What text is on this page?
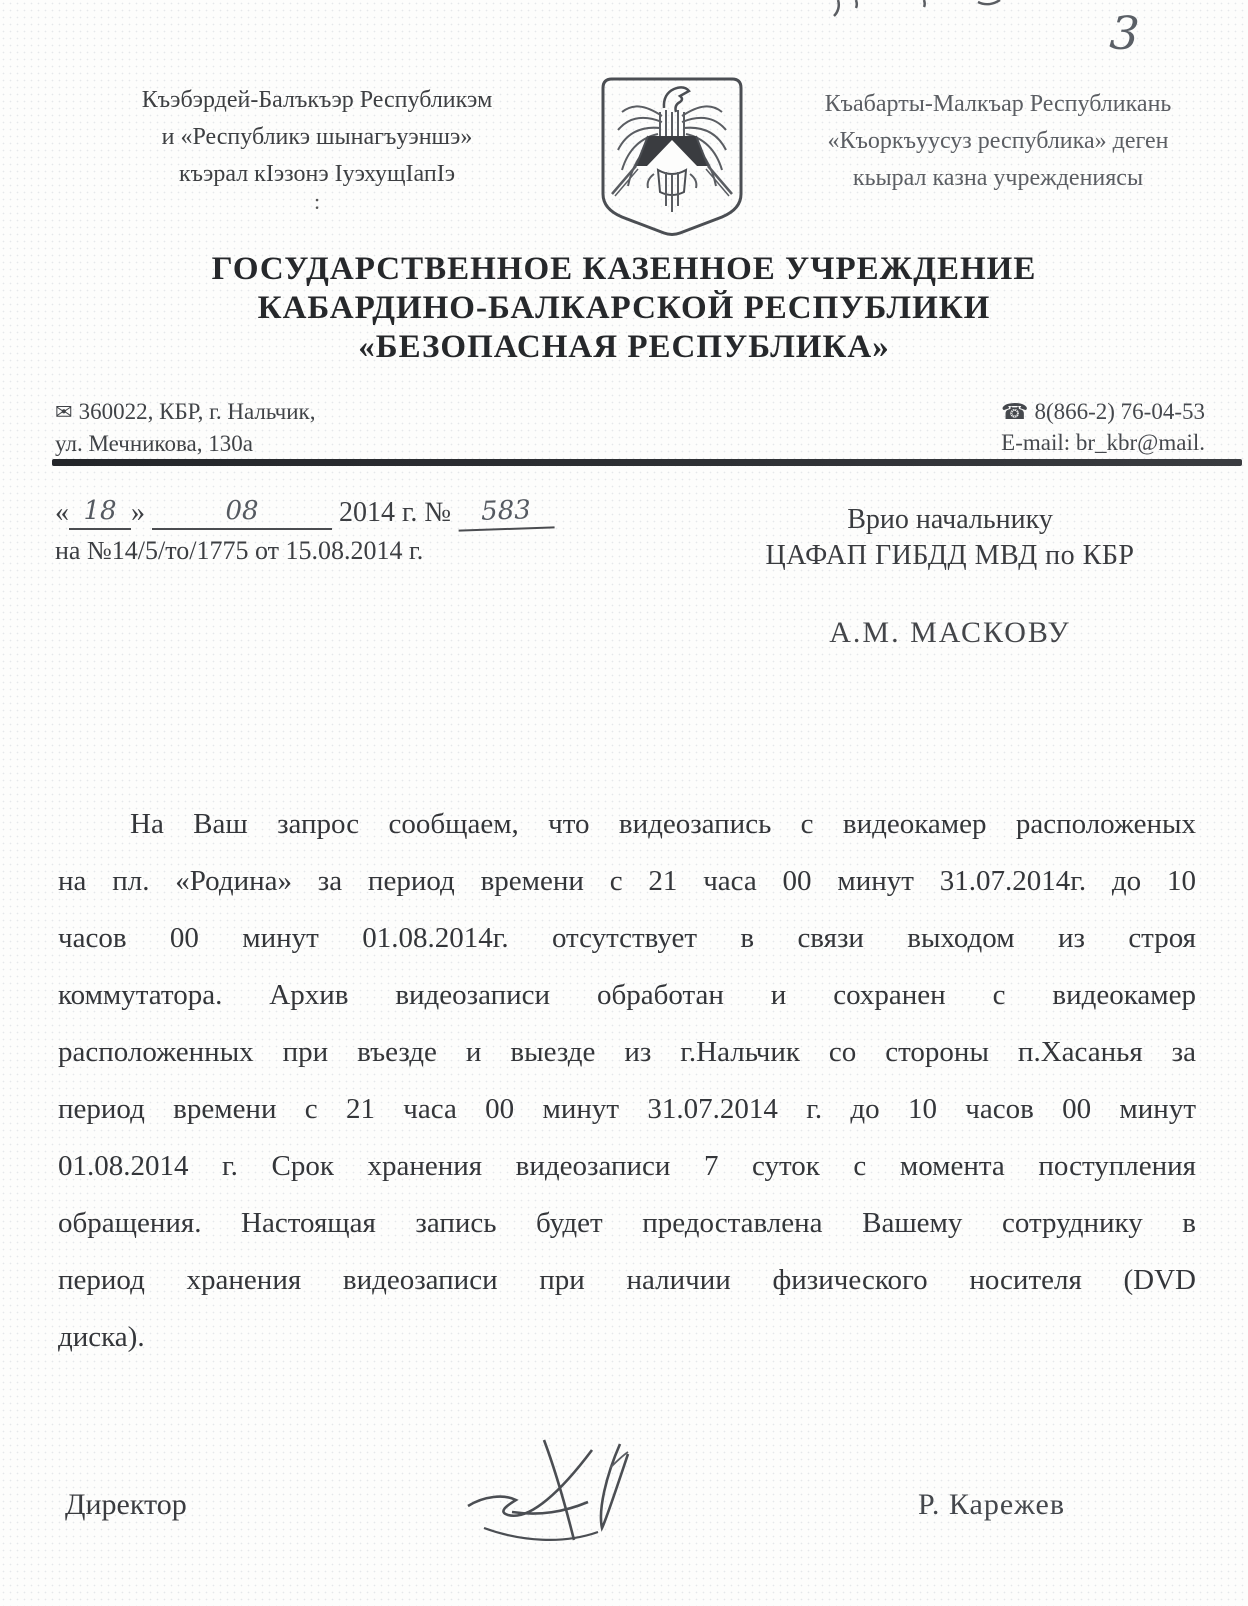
3
Къэбэрдей-Балъкъэр Республикэм
и «Республикэ шынагъуэншэ»
къэрал кIэзонэ IуэхущIапIэ
:
Къабарты-Малкъар Республикань
«Къоркъуусуз республика» деген
кьырал казна учреждениясы
ГОСУДАРСТВЕННОЕ КАЗЕННОЕ УЧРЕЖДЕНИЕ
КАБАРДИНО-БАЛКАРСКОЙ РЕСПУБЛИКИ
«БЕЗОПАСНАЯ РЕСПУБЛИКА»
✉ 360022, КБР, г. Нальчик,
ул. Мечникова, 130а
☎ 8(866-2) 76-04-53
E-mail: br_kbr@mail.
« 18 »	08	2014 г. № 583
на №14/5/то/1775 от 15.08.2014 г.
Врио начальнику
ЦАФАП ГИБДД МВД по КБР
А.М. МАСКОВУ
На Ваш запрос сообщаем, что видеозапись с видеокамер расположеных
на пл. «Родина» за период времени с 21 часа 00 минут 31.07.2014г. до 10
часов 00 минут 01.08.2014г. отсутствует в связи выходом из строя
коммутатора. Архив видеозаписи обработан и сохранен с видеокамер
расположенных при въезде и выезде из г.Нальчик со стороны п.Хасанья за
период времени с 21 часа 00 минут 31.07.2014 г. до 10 часов 00 минут
01.08.2014 г. Срок хранения видеозаписи 7 суток с момента поступления
обращения. Настоящая запись будет предоставлена Вашему сотруднику в
период хранения видеозаписи при наличии физического носителя (DVD
диска).
Директор	Р. Карежев
